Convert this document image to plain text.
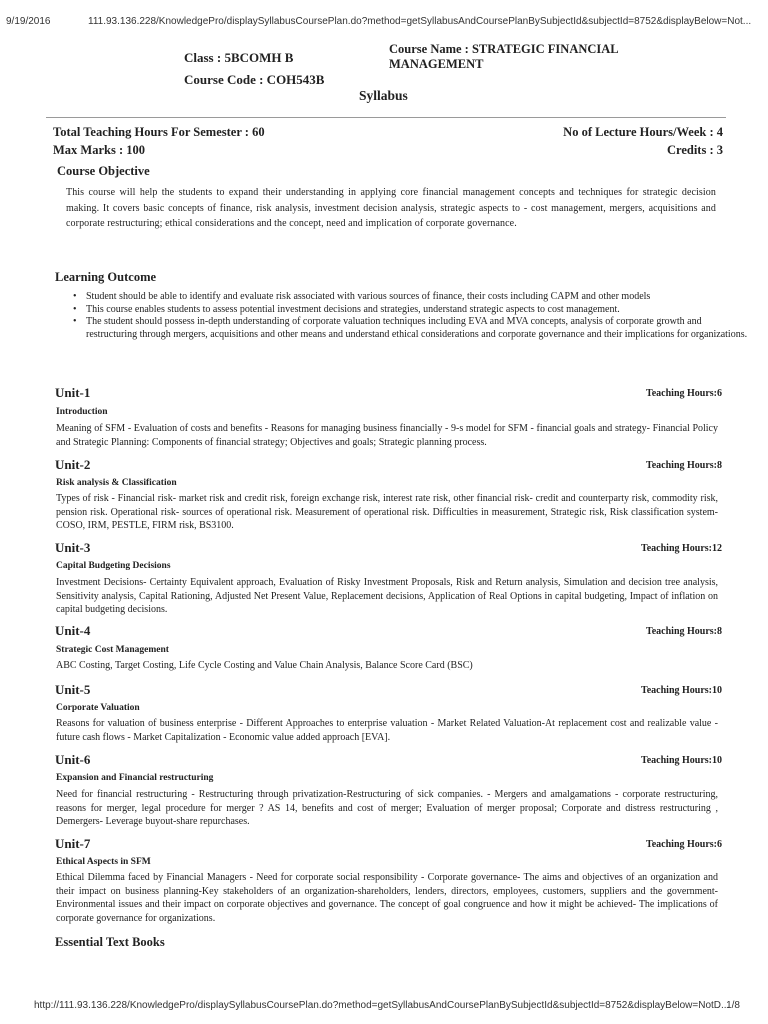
9/19/2016	111.93.136.228/KnowledgePro/displaySyllabusCoursePlan.do?method=getSyllabusAndCoursePlanBySubjectId&subjectId=8752&displayBelow=Not...
http://111.93.136.228/KnowledgePro/displaySyllabusCoursePlan.do?method=getSyllabusAndCoursePlanBySubjectId&subjectId=8752&displayBelow=NotD...
1/8
Class : 5BCOMH B
Course Code : COH543B
Course Name : STRATEGIC FINANCIAL
MANAGEMENT
Syllabus
Total Teaching Hours For Semester : 60
Max Marks : 100
No of Lecture Hours/Week : 4
Credits : 3
Course Objective
This course will help the students to expand their understanding in applying core financial management concepts and techniques for strategic decision making. It covers basic concepts of finance, risk analysis, investment decision analysis, strategic aspects to - cost management, mergers, acquisitions and corporate restructuring; ethical considerations and the concept, need and implication of corporate governance.
Learning Outcome
• Student should be able to identify and evaluate risk associated with various sources of finance, their costs including CAPM and other models
• This course enables students to assess potential investment decisions and strategies, understand strategic aspects to cost management.
• The student should possess in-depth understanding of corporate valuation techniques including EVA and MVA concepts, analysis of corporate growth and restructuring through mergers, acquisitions and other means and understand ethical considerations and corporate governance and their implications for organizations.
Unit-1	Teaching Hours:6
Introduction
Meaning of SFM - Evaluation of costs and benefits - Reasons for managing business financially - 9-s model for SFM - financial goals and strategy- Financial Policy and Strategic Planning: Components of financial strategy; Objectives and goals; Strategic planning process.
Unit-2	Teaching Hours:8
Risk analysis & Classification
Types of risk - Financial risk- market risk and credit risk, foreign exchange risk, interest rate risk, other financial risk- credit and counterparty risk, commodity risk, pension risk. Operational risk- sources of operational risk. Measurement of operational risk. Difficulties in measurement, Strategic risk, Risk classification system-COSO, IRM, PESTLE, FIRM risk, BS3100.
Unit-3	Teaching Hours:12
Capital Budgeting Decisions
Investment Decisions- Certainty Equivalent approach, Evaluation of Risky Investment Proposals, Risk and Return analysis, Simulation and decision tree analysis, Sensitivity analysis, Capital Rationing, Adjusted Net Present Value, Replacement decisions, Application of Real Options in capital budgeting, Impact of inflation on capital budgeting decisions.
Unit-4	Teaching Hours:8
Strategic Cost Management
ABC Costing, Target Costing, Life Cycle Costing and Value Chain Analysis, Balance Score Card (BSC)
Unit-5	Teaching Hours:10
Corporate Valuation
Reasons for valuation of business enterprise - Different Approaches to enterprise valuation - Market Related Valuation-At replacement cost and realizable value - future cash flows - Market Capitalization - Economic value added approach [EVA].
Unit-6	Teaching Hours:10
Expansion and Financial restructuring
Need for financial restructuring - Restructuring through privatization-Restructuring of sick companies. - Mergers and amalgamations - corporate restructuring, reasons for merger, legal procedure for merger ? AS 14, benefits and cost of merger; Evaluation of merger proposal; Corporate and distress restructuring , Demergers- Leverage buyout-share repurchases.
Unit-7	Teaching Hours:6
Ethical Aspects in SFM
Ethical Dilemma faced by Financial Managers - Need for corporate social responsibility - Corporate governance- The aims and objectives of an organization and their impact on business planning-Key stakeholders of an organization-shareholders, lenders, directors, employees, customers, suppliers and the government- Environmental issues and their impact on corporate objectives and governance. The concept of goal congruence and how it might be achieved- The implications of corporate governance for organizations.
Essential Text Books
